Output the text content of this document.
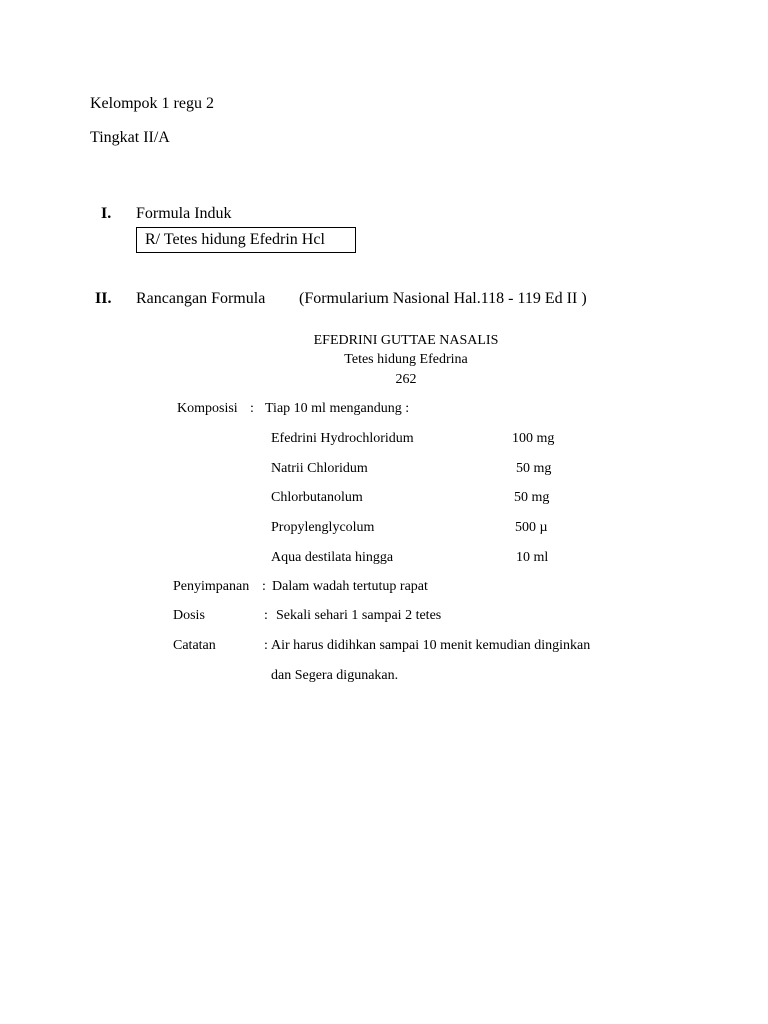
Kelompok 1 regu 2
Tingkat II/A
I. Formula Induk
R/ Tetes hidung Efedrin Hcl
II. Rancangan Formula (Formularium Nasional Hal.118 - 119 Ed II )
EFEDRINI GUTTAE NASALIS
Tetes hidung Efedrina
262
Komposisi : Tiap 10 ml mengandung :
Efedrini Hydrochloridum	100 mg
Natrii Chloridum	50 mg
Chlorbutanolum	50 mg
Propylenglycolum	500 µ
Aqua destilata hingga	10 ml
Penyimpanan : Dalam wadah tertutup rapat
Dosis	: Sekali sehari 1 sampai 2 tetes
Catatan	: Air harus didihkan sampai 10 menit kemudian dinginkan
dan Segera digunakan.
